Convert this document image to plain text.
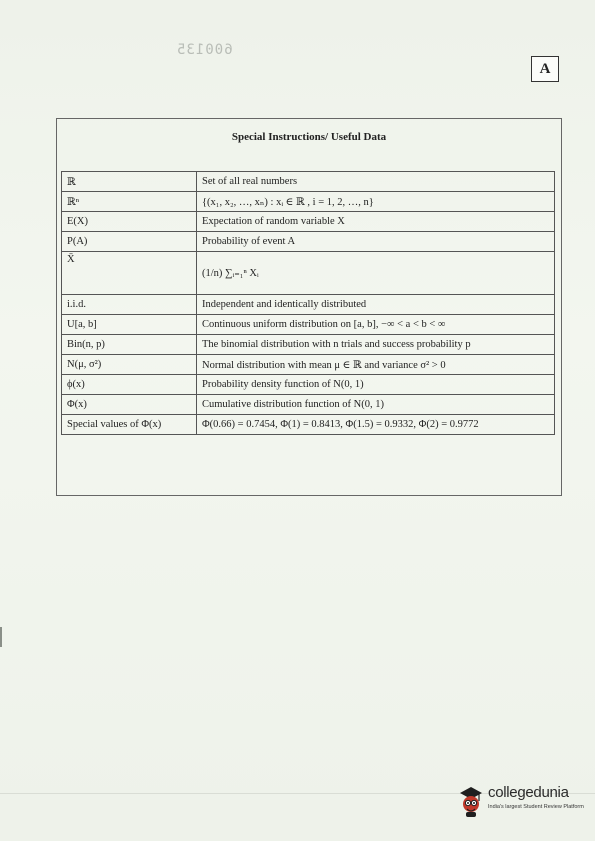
600135
A
Special Instructions/ Useful Data
ℝ	Set of all real numbers
ℝⁿ	{(x₁, x₂, …, xₙ) : xᵢ ∈ ℝ , i = 1, 2, …, n}
E(X)	Expectation of random variable X
P(A)	Probability of event A
X̄	(1/n) ∑ᵢ₌₁ⁿ Xᵢ
i.i.d.	Independent and identically distributed
U[a, b]	Continuous uniform distribution on [a, b], −∞ < a < b < ∞
Bin(n, p)	The binomial distribution with n trials and success probability p
N(μ, σ²)	Normal distribution with mean μ ∈ ℝ and variance σ² > 0
ϕ(x)	Probability density function of N(0, 1)
Φ(x)	Cumulative distribution function of N(0, 1)
Special values of Φ(x)	Φ(0.66) = 0.7454, Φ(1) = 0.8413, Φ(1.5) = 0.9332, Φ(2) = 0.9772
collegedunia
India's largest Student Review Platform
